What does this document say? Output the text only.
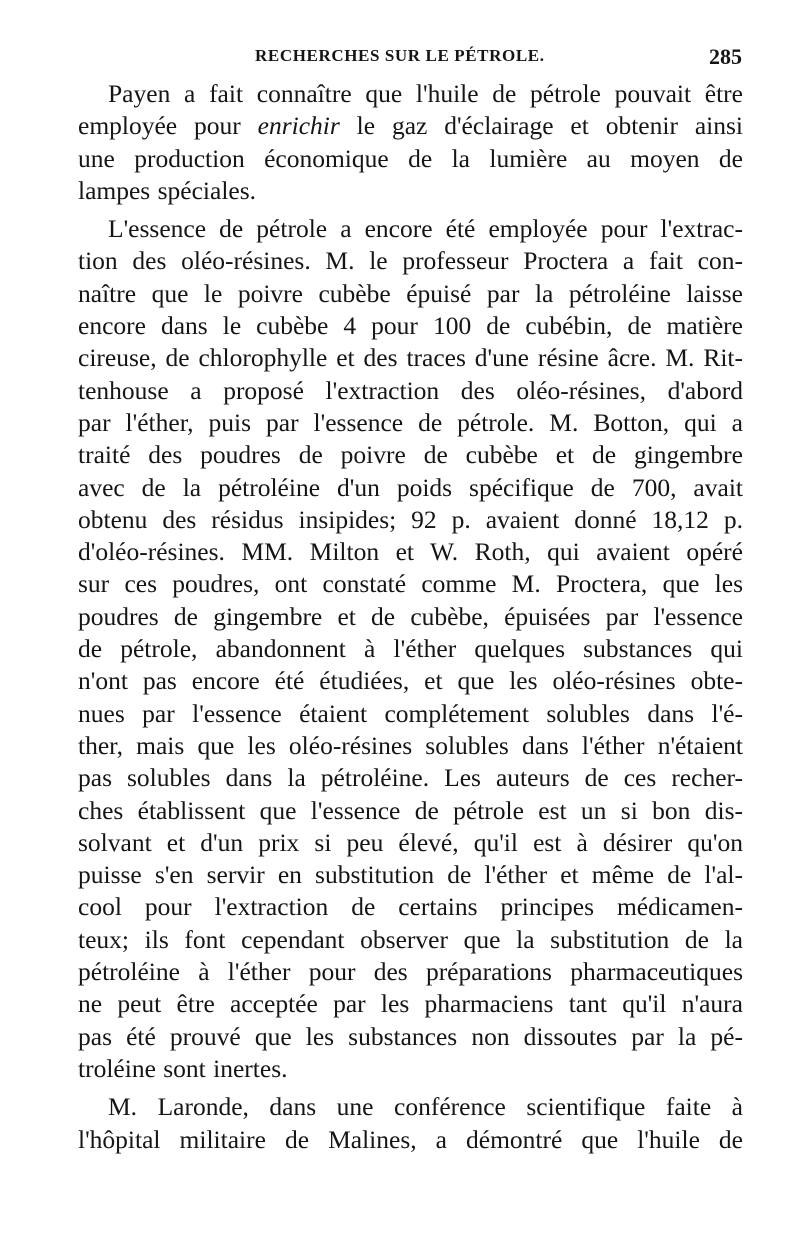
RECHERCHES SUR LE PÉTROLE.	285
Payen a fait connaître que l'huile de pétrole pouvait être
employée pour enrichir le gaz d'éclairage et obtenir ainsi
une production économique de la lumière au moyen de
lampes spéciales.
L'essence de pétrole a encore été employée pour l'extrac-
tion des oléo-résines. M. le professeur Proctera a fait con-
naître que le poivre cubèbe épuisé par la pétroléine laisse
encore dans le cubèbe 4 pour 100 de cubébin, de matière
cireuse, de chlorophylle et des traces d'une résine âcre. M. Rit-
tenhouse a proposé l'extraction des oléo-résines, d'abord
par l'éther, puis par l'essence de pétrole. M. Botton, qui a
traité des poudres de poivre de cubèbe et de gingembre
avec de la pétroléine d'un poids spécifique de 700, avait
obtenu des résidus insipides; 92 p. avaient donné 18,12 p.
d'oléo-résines. MM. Milton et W. Roth, qui avaient opéré
sur ces poudres, ont constaté comme M. Proctera, que les
poudres de gingembre et de cubèbe, épuisées par l'essence
de pétrole, abandonnent à l'éther quelques substances qui
n'ont pas encore été étudiées, et que les oléo-résines obte-
nues par l'essence étaient complétement solubles dans l'é-
ther, mais que les oléo-résines solubles dans l'éther n'étaient
pas solubles dans la pétroléine. Les auteurs de ces recher-
ches établissent que l'essence de pétrole est un si bon dis-
solvant et d'un prix si peu élevé, qu'il est à désirer qu'on
puisse s'en servir en substitution de l'éther et même de l'al-
cool pour l'extraction de certains principes médicamen-
teux; ils font cependant observer que la substitution de la
pétroléine à l'éther pour des préparations pharmaceutiques
ne peut être acceptée par les pharmaciens tant qu'il n'aura
pas été prouvé que les substances non dissoutes par la pé-
troléine sont inertes.
M. Laronde, dans une conférence scientifique faite à
l'hôpital militaire de Malines, a démontré que l'huile de
